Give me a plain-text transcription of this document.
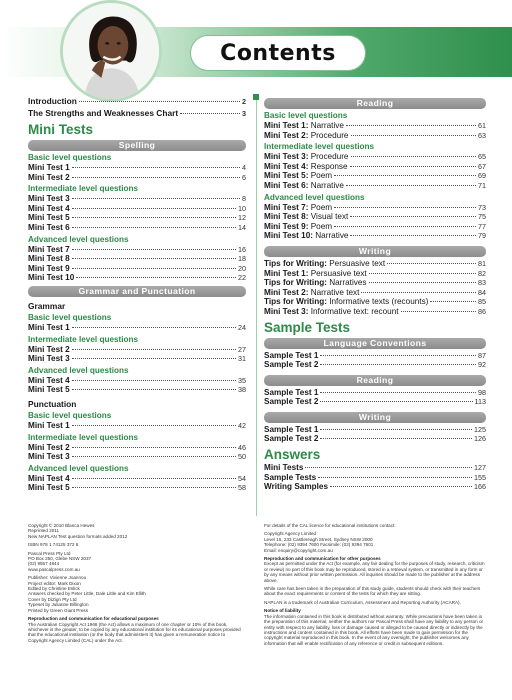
Contents
Introduction	2
The Strengths and Weaknesses Chart	3
Mini Tests
Spelling
Basic level questions
Mini Test 1	4
Mini Test 2	6
Intermediate level questions
Mini Test 3	8
Mini Test 4	10
Mini Test 5	12
Mini Test 6	14
Advanced level questions
Mini Test 7	16
Mini Test 8	18
Mini Test 9	20
Mini Test 10	22
Grammar and Punctuation
Grammar
Basic level questions
Mini Test 1	24
Intermediate level questions
Mini Test 2	27
Mini Test 3	31
Advanced level questions
Mini Test 4	35
Mini Test 5	38
Punctuation
Basic level questions
Mini Test 1	42
Intermediate level questions
Mini Test 2	46
Mini Test 3	50
Advanced level questions
Mini Test 4	54
Mini Test 5	58
Reading
Basic level questions
Mini Test 1: Narrative	61
Mini Test 2: Procedure	63
Intermediate level questions
Mini Test 3: Procedure	65
Mini Test 4: Response	67
Mini Test 5: Poem	69
Mini Test 6: Narrative	71
Advanced level questions
Mini Test 7: Poem	73
Mini Test 8: Visual text	75
Mini Test 9: Poem	77
Mini Test 10: Narrative	79
Writing
Tips for Writing: Persuasive text	81
Mini Test 1: Persuasive text	82
Tips for Writing: Narratives	83
Mini Test 2: Narrative text	84
Tips for Writing: Informative texts (recounts)	85
Mini Test 3: Informative text: recount	86
Sample Tests
Language Conventions
Sample Test 1	87
Sample Test 2	92
Reading
Sample Test 1	98
Sample Test 2	113
Writing
Sample Test 1	125
Sample Test 2	126
Answers
Mini Tests	127
Sample Tests	155
Writing Samples	166

Copyright © 2010 Blanca Hewes
Reprinted 2011
New NAPLAN Test question formats added 2012

ISBN 978 1 74125 372 6

Pascal Press Pty Ltd
PO Box 250, Glebe NSW 2037
(02) 9557 4844
www.pascalpress.com.au

Publisher: Vivienne Joannou
Project editor: Mark Dixon
Edited by Christine Eslick
Answers checked by Peter Little, Dale Little and Kim Ellith
Cover by DiZign Pty Ltd
Typeset by Julianne Billington
Printed by Green Giant Press

Reproduction and communication for educational purposes

The Australian Copyright Act 1968 (the Act) allows a maximum of one chapter or 10% of this book, whichever is the greater, to be copied by any educational institution for its educational purposes provided that the educational institution (or the body that administers it) has given a remuneration notice to Copyright Agency Limited (CAL) under the Act.

For details of the CAL licence for educational institutions contact:

Copyright Agency Limited
Level 15, 233 Castlereagh Street, Sydney NSW 2000
Telephone: (02) 9394 7600 Facsimile: (02) 9394 7601
Email: enquiry@copyright.com.au

Reproduction and communication for other purposes

Except as permitted under the Act (for example, any fair dealing for the purposes of study, research, criticism or review) no part of this book may be reproduced, stored in a retrieval system, or transmitted in any form or by any means without prior written permission. All inquiries should be made to the publisher at the address above.

While care has been taken in the preparation of this study guide, students should check with their teachers about the exact requirements or content of the tests for which they are sitting.

NAPLAN is a trademark of Australian Curriculum, Assessment and Reporting Authority (ACARA).

Notice of liability

The information contained in this book is distributed without warranty. While precautions have been taken in the preparation of this material, neither the authors nor Pascal Press shall have any liability to any person or entity with respect to any liability, loss or damage caused or alleged to be caused directly or indirectly by the instructions and content contained in this book. All efforts have been made to gain permission for the copyright material reproduced in this book. In the event of any oversight, the publisher welcomes any information that will enable rectification of any reference or credit in subsequent editions.
